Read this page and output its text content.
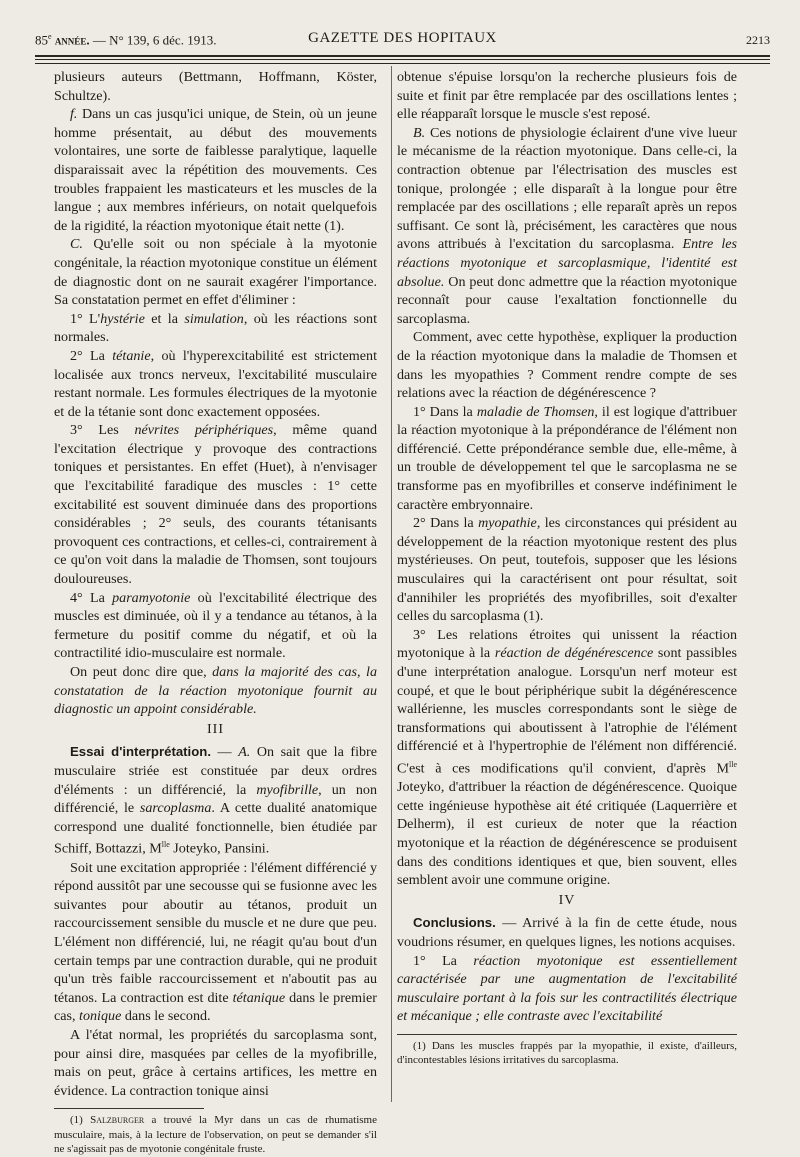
85e année. — N° 139, 6 déc. 1913.	GAZETTE DES HOPITAUX	2213

plusieurs auteurs (Bettmann, Hoffmann, Köster, Schultze).

f. Dans un cas jusqu'ici unique, de Stein, où un jeune homme présentait, au début des mouvements volontaires, une sorte de faiblesse paralytique, laquelle disparaissait avec la répétition des mouvements. Ces troubles frappaient les masticateurs et les muscles de la langue ; aux membres inférieurs, on notait quelquefois de la rigidité, la réaction myotonique était nette (1).

C. Qu'elle soit ou non spéciale à la myotonie congénitale, la réaction myotonique constitue un élément de diagnostic dont on ne saurait exagérer l'importance. Sa constatation permet en effet d'éliminer :

1° L'hystérie et la simulation, où les réactions sont normales.

2° La tétanie, où l'hyperexcitabilité est strictement localisée aux troncs nerveux, l'excitabilité musculaire restant normale. Les formules électriques de la myotonie et de la tétanie sont donc exactement opposées.

3° Les névrites périphériques, même quand l'excitation électrique y provoque des contractions toniques et persistantes. En effet (Huet), à n'envisager que l'excitabilité faradique des muscles : 1° cette excitabilité est souvent diminuée dans des proportions considérables ; 2° seuls, des courants tétanisants provoquent ces contractions, et celles-ci, contrairement à ce qu'on voit dans la maladie de Thomsen, sont toujours douloureuses.

4° La paramyotonie où l'excitabilité électrique des muscles est diminuée, où il y a tendance au tétanos, à la fermeture du positif comme du négatif, et où la contractilité idio-musculaire est normale.

On peut donc dire que, dans la majorité des cas, la constatation de la réaction myotonique fournit au diagnostic un appoint considérable.

III

Essai d'interprétation. — A. On sait que la fibre musculaire striée est constituée par deux ordres d'éléments : un différencié, la myofibrille, un non différencié, le sarcoplasma. A cette dualité anatomique correspond une dualité fonctionnelle, bien étudiée par Schiff, Bottazzi, $M^{lle}$ Joteyko, Pansini.

Soit une excitation appropriée : l'élément différencié y répond aussitôt par une secousse qui se fusionne avec les suivantes pour aboutir au tétanos, produit un raccourcissement sensible du muscle et ne dure que peu. L'élément non différencié, lui, ne réagit qu'au bout d'un certain temps par une contraction durable, qui ne produit qu'un très faible raccourcissement et n'aboutit pas au tétanos. La contraction est dite tétanique dans le premier cas, tonique dans le second.

A l'état normal, les propriétés du sarcoplasma sont, pour ainsi dire, masquées par celles de la myofibrille, mais on peut, grâce à certains artifices, les mettre en évidence. La contraction tonique ainsi

(1) Salzburger a trouvé la Myr dans un cas de rhumatisme musculaire, mais, à la lecture de l'observation, on peut se demander s'il ne s'agissait pas de myotonie congénitale fruste.

obtenue s'épuise lorsqu'on la recherche plusieurs fois de suite et finit par être remplacée par des oscillations lentes ; elle réapparaît lorsque le muscle s'est reposé.

B. Ces notions de physiologie éclairent d'une vive lueur le mécanisme de la réaction myotonique. Dans celle-ci, la contraction obtenue par l'électrisation des muscles est tonique, prolongée ; elle disparaît à la longue pour être remplacée par des oscillations ; elle reparaît après un repos suffisant. Ce sont là, précisément, les caractères que nous avons attribués à l'excitation du sarcoplasma. Entre les réactions myotonique et sarcoplasmique, l'identité est absolue. On peut donc admettre que la réaction myotonique reconnaît pour cause l'exaltation fonctionnelle du sarcoplasma.

Comment, avec cette hypothèse, expliquer la production de la réaction myotonique dans la maladie de Thomsen et dans les myopathies ? Comment rendre compte de ses relations avec la réaction de dégénérescence ?

1° Dans la maladie de Thomsen, il est logique d'attribuer la réaction myotonique à la prépondérance de l'élément non différencié. Cette prépondérance semble due, elle-même, à un trouble de développement tel que le sarcoplasma ne se transforme pas en myofibrilles et conserve indéfiniment le caractère embryonnaire.

2° Dans la myopathie, les circonstances qui président au développement de la réaction myotonique restent des plus mystérieuses. On peut, toutefois, supposer que les lésions musculaires qui la caractérisent ont pour résultat, soit d'annihiler les propriétés des myofibrilles, soit d'exalter celles du sarcoplasma (1).

3° Les relations étroites qui unissent la réaction myotonique à la réaction de dégénérescence sont passibles d'une interprétation analogue. Lorsqu'un nerf moteur est coupé, et que le bout périphérique subit la dégénérescence wallérienne, les muscles correspondants sont le siège de transformations qui aboutissent à l'atrophie de l'élément différencié et à l'hypertrophie de l'élément non différencié. C'est à ces modifications qu'il convient, d'après $M^{lle}$ Joteyko, d'attribuer la réaction de dégénérescence. Quoique cette ingénieuse hypothèse ait été critiquée (Laquerrière et Delherm), il est curieux de noter que la réaction myotonique et la réaction de dégénérescence se produisent dans des conditions identiques et que, bien souvent, elles semblent avoir une commune origine.

IV

Conclusions. — Arrivé à la fin de cette étude, nous voudrions résumer, en quelques lignes, les notions acquises.

1° La réaction myotonique est essentiellement caractérisée par une augmentation de l'excitabilité musculaire portant à la fois sur les contractilités électrique et mécanique ; elle contraste avec l'excitabilité

(1) Dans les muscles frappés par la myopathie, il existe, d'ailleurs, d'incontestables lésions irritatives du sarcoplasma.
